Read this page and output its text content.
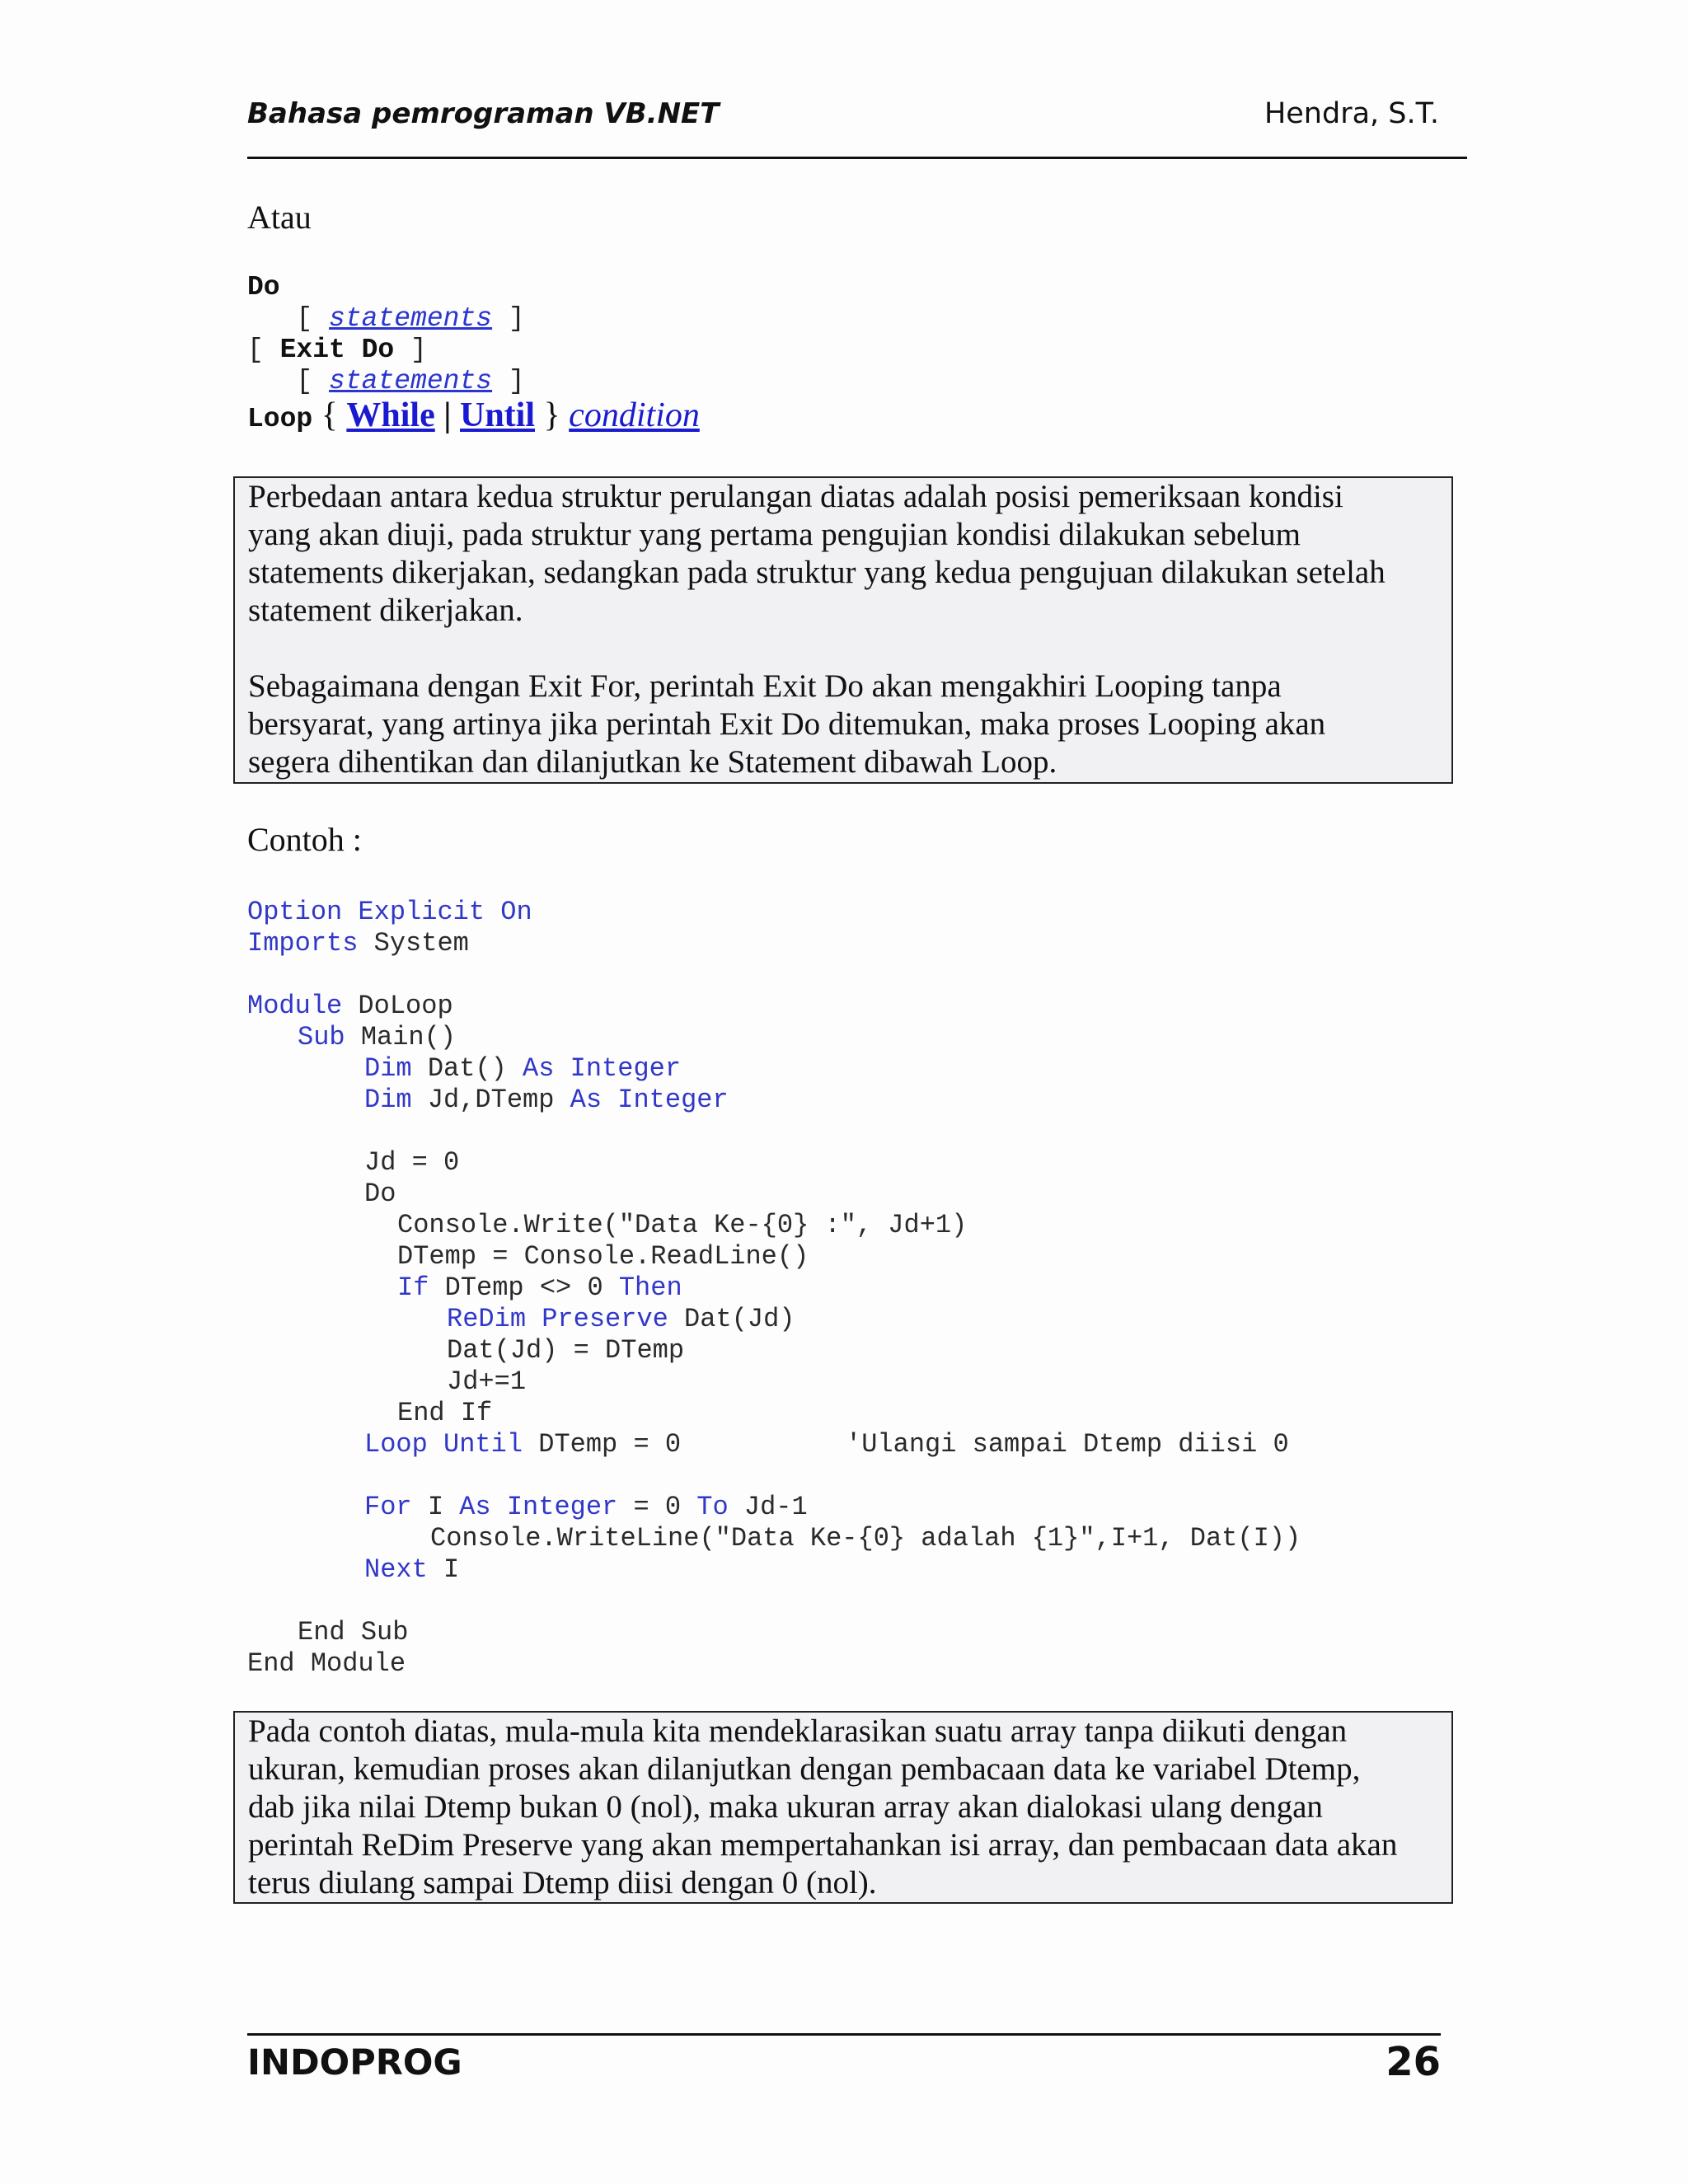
Bahasa pemrograman VB.NET	Hendra, S.T.
Atau
Do
[ statements ]
[ Exit Do ]
[ statements ]
Loop { While | Until } condition

Perbedaan antara kedua struktur perulangan diatas adalah posisi pemeriksaan kondisi

yang akan diuji, pada struktur yang pertama pengujian kondisi dilakukan sebelum

statements dikerjakan, sedangkan pada struktur yang kedua pengujuan dilakukan setelah

statement dikerjakan.

Sebagaimana dengan Exit For, perintah Exit Do akan mengakhiri Looping tanpa

bersyarat, yang artinya jika perintah Exit Do ditemukan, maka proses Looping akan

segera dihentikan dan dilanjutkan ke Statement dibawah Loop.

Contoh :
Option Explicit On
Imports System
Module DoLoop
Sub Main()
Dim Dat() As Integer
Dim Jd,DTemp As Integer
Jd = 0
Do
Console.Write("Data Ke-{0} :", Jd+1)
DTemp = Console.ReadLine()
If DTemp <> 0 Then
ReDim Preserve Dat(Jd)
Dat(Jd) = DTemp
Jd+=1
End If
Loop Until DTemp = 0	'Ulangi sampai Dtemp diisi 0
For I As Integer = 0 To Jd-1
Console.WriteLine("Data Ke-{0} adalah {1}",I+1, Dat(I))
Next I
End Sub
End Module

Pada contoh diatas, mula-mula kita mendeklarasikan suatu array tanpa diikuti dengan

ukuran, kemudian proses akan dilanjutkan dengan pembacaan data ke variabel Dtemp,

dab jika nilai Dtemp bukan 0 (nol), maka ukuran array akan dialokasi ulang dengan

perintah ReDim Preserve yang akan mempertahankan isi array, dan pembacaan data akan

terus diulang sampai Dtemp diisi dengan 0 (nol).

INDOPROG	26
